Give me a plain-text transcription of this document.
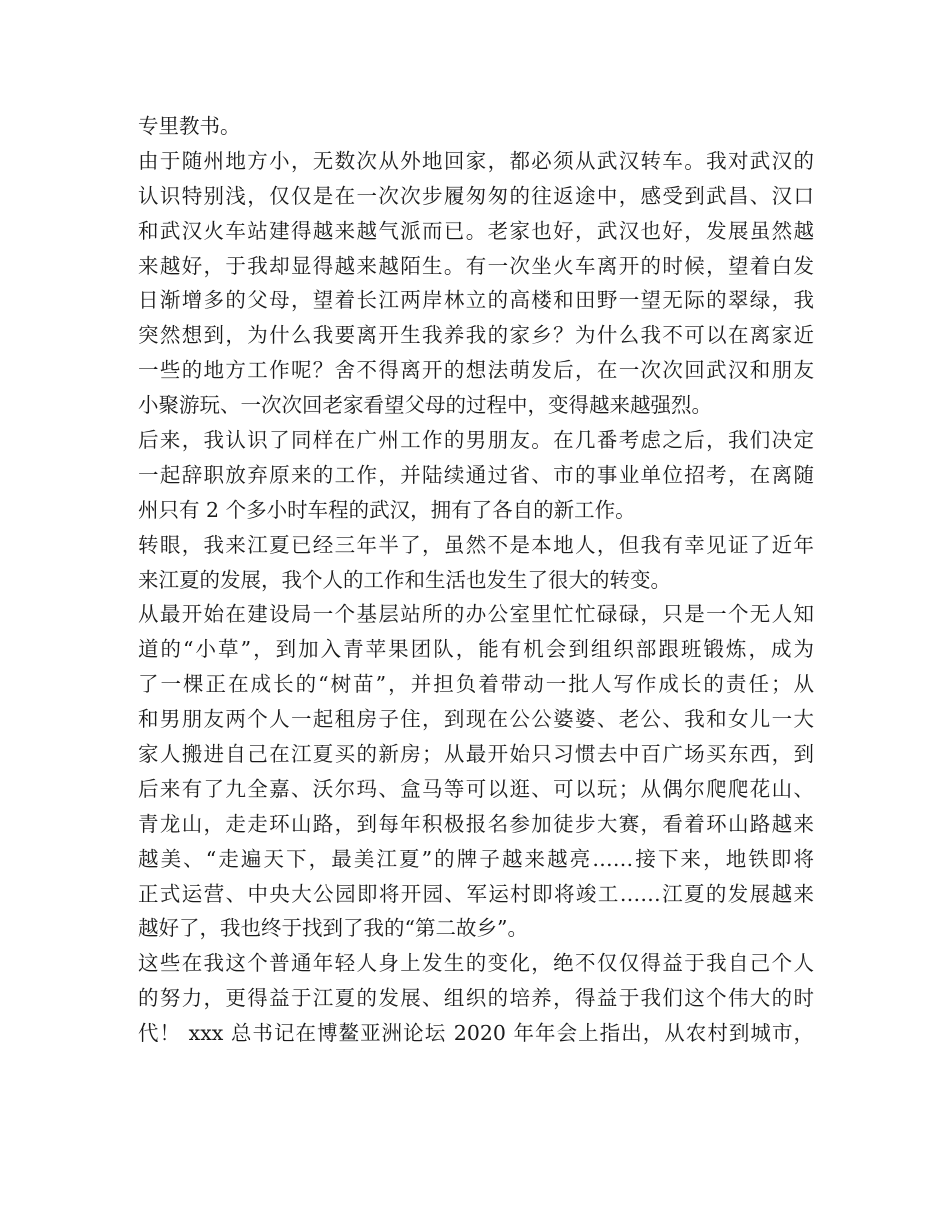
专里教书。
由于随州地方小，无数次从外地回家，都必须从武汉转车。我对武汉的
认识特别浅，仅仅是在一次次步履匆匆的往返途中，感受到武昌、汉口
和武汉火车站建得越来越气派而已。老家也好，武汉也好，发展虽然越
来越好，于我却显得越来越陌生。有一次坐火车离开的时候，望着白发
日渐增多的父母，望着长江两岸林立的高楼和田野一望无际的翠绿，我
突然想到，为什么我要离开生我养我的家乡？为什么我不可以在离家近
一些的地方工作呢？舍不得离开的想法萌发后，在一次次回武汉和朋友
小聚游玩、一次次回老家看望父母的过程中，变得越来越强烈。
后来，我认识了同样在广州工作的男朋友。在几番考虑之后，我们决定
一起辞职放弃原来的工作，并陆续通过省、市的事业单位招考，在离随
州只有 2 个多小时车程的武汉，拥有了各自的新工作。
转眼，我来江夏已经三年半了，虽然不是本地人，但我有幸见证了近年
来江夏的发展，我个人的工作和生活也发生了很大的转变。
从最开始在建设局一个基层站所的办公室里忙忙碌碌，只是一个无人知
道的“小草”，到加入青苹果团队，能有机会到组织部跟班锻炼，成为
了一棵正在成长的“树苗”，并担负着带动一批人写作成长的责任；从
和男朋友两个人一起租房子住，到现在公公婆婆、老公、我和女儿一大
家人搬进自己在江夏买的新房；从最开始只习惯去中百广场买东西，到
后来有了九全嘉、沃尔玛、盒马等可以逛、可以玩；从偶尔爬爬花山、
青龙山，走走环山路，到每年积极报名参加徒步大赛，看着环山路越来
越美、“走遍天下，最美江夏”的牌子越来越亮……接下来，地铁即将
正式运营、中央大公园即将开园、军运村即将竣工……江夏的发展越来
越好了，我也终于找到了我的“第二故乡”。
这些在我这个普通年轻人身上发生的变化，绝不仅仅得益于我自己个人
的努力，更得益于江夏的发展、组织的培养，得益于我们这个伟大的时
代！ xxx 总书记在博鳌亚洲论坛 2020 年年会上指出，从农村到城市，
